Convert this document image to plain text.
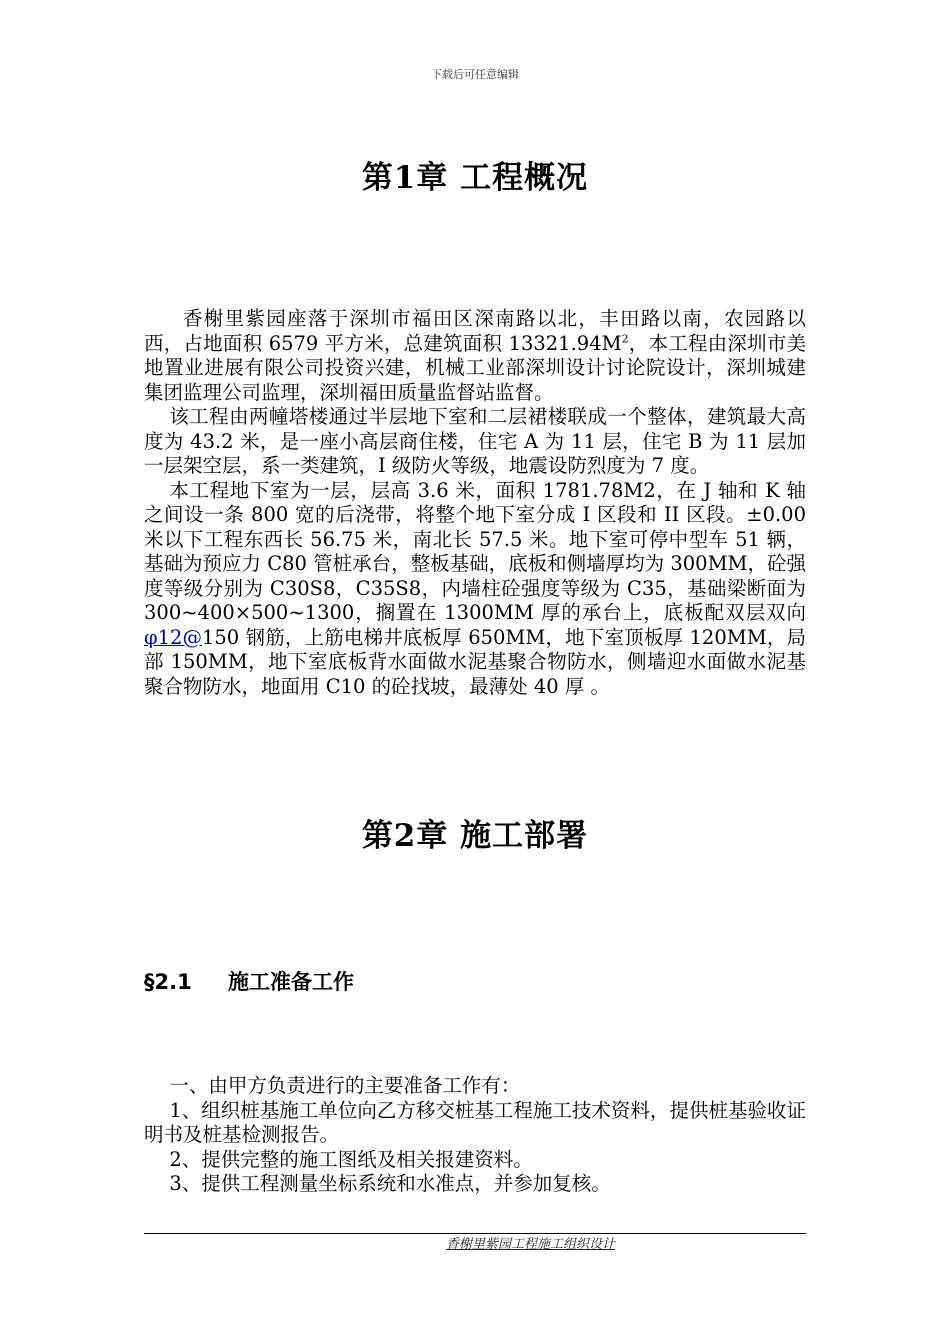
下载后可任意编辑
第1章 工程概况

香榭里紫园座落于深圳市福田区深南路以北，丰田路以南，农园路以西，占地面积 6579 平方米，总建筑面积 $13321.94M^2$，本工程由深圳市美地置业进展有限公司投资兴建，机械工业部深圳设计讨论院设计，深圳城建集团监理公司监理，深圳福田质量监督站监督。

该工程由两幢塔楼通过半层地下室和二层裙楼联成一个整体，建筑最大高度为 43.2 米，是一座小高层商住楼，住宅 A 为 11 层，住宅 B 为 11 层加一层架空层，系一类建筑，I 级防火等级，地震设防烈度为 7 度。

本工程地下室为一层，层高 3.6 米，面积 1781.78M2，在 J 轴和 K 轴之间设一条 800 宽的后浇带，将整个地下室分成 I 区段和 II 区段。±0.00 米以下工程东西长 56.75 米，南北长 57.5 米。地下室可停中型车 51 辆，基础为预应力 C80 管桩承台，整板基础，底板和侧墙厚均为 300MM，砼强度等级分别为 C30S8，C35S8，内墙柱砼强度等级为 C35，基础梁断面为 300~400×500~1300，搁置在 1300MM 厚的承台上，底板配双层双向 φ12@150 钢筋，上筋电梯井底板厚 650MM，地下室顶板厚 120MM，局部 150MM，地下室底板背水面做水泥基聚合物防水，侧墙迎水面做水泥基聚合物防水，地面用 C10 的砼找坡，最薄处 40 厚 。

第2章 施工部署
§2.1 施工准备工作

一、由甲方负责进行的主要准备工作有：

1、组织桩基施工单位向乙方移交桩基工程施工技术资料，提供桩基验收证明书及桩基检测报告。

2、提供完整的施工图纸及相关报建资料。

3、提供工程测量坐标系统和水准点，并参加复核。

香榭里紫园工程施工组织设计
